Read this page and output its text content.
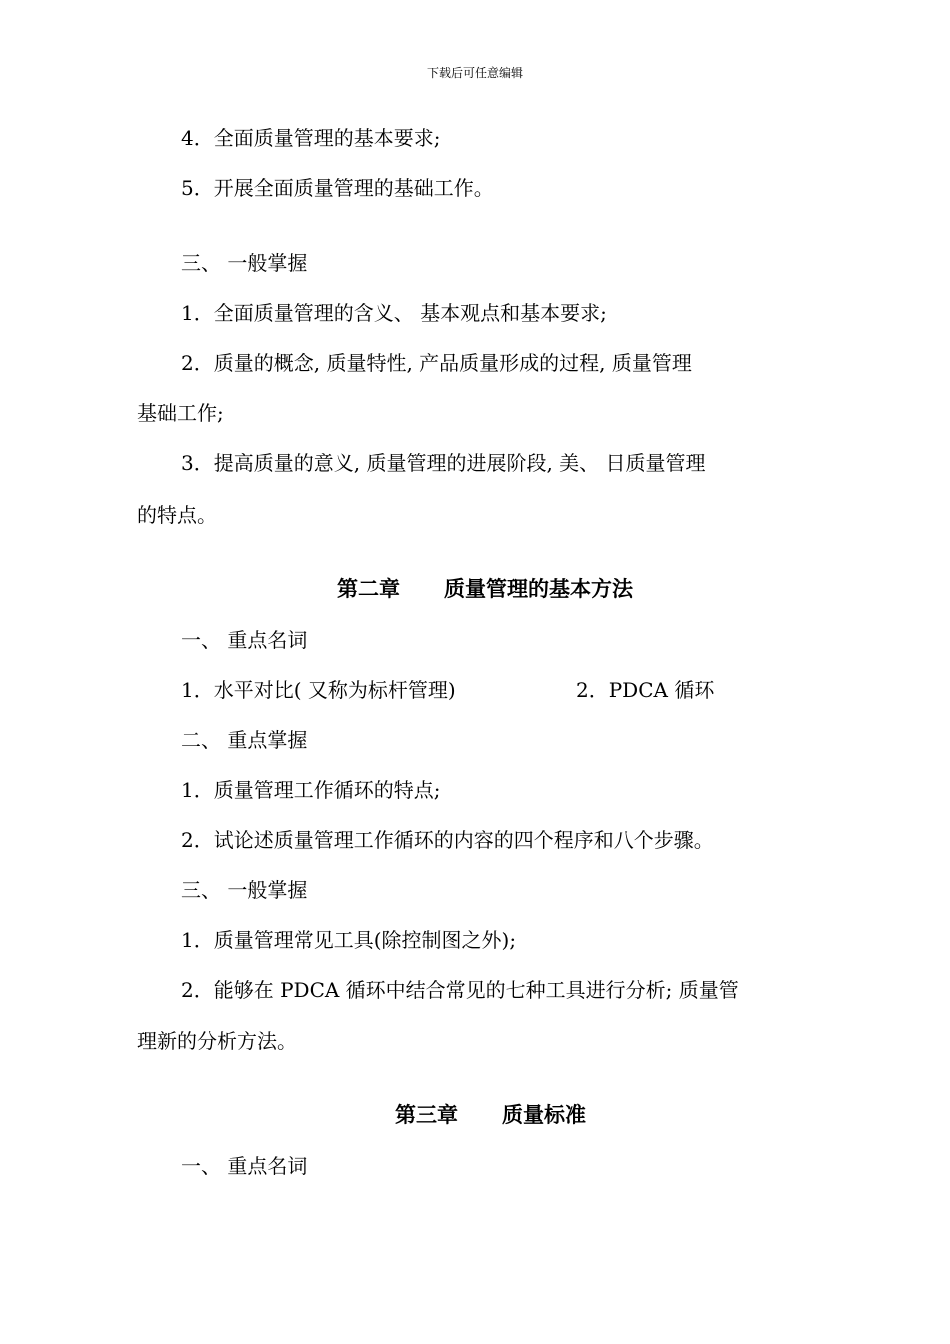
下载后可任意编辑
4．全面质量管理的基本要求;
5．开展全面质量管理的基础工作。
三、 一般掌握
1．全面质量管理的含义、 基本观点和基本要求;
2．质量的概念, 质量特性, 产品质量形成的过程, 质量管理
基础工作;
3．提高质量的意义, 质量管理的进展阶段, 美、 日质量管理
的特点。
第二章 质量管理的基本方法
一、 重点名词
1．水平对比( 又称为标杆管理)	2．PDCA 循环
二、 重点掌握
1．质量管理工作循环的特点;
2．试论述质量管理工作循环的内容的四个程序和八个步骤。
三、 一般掌握
1．质量管理常见工具(除控制图之外);
2．能够在 PDCA 循环中结合常见的七种工具进行分析; 质量管
理新的分析方法。
第三章 质量标准
一、 重点名词
